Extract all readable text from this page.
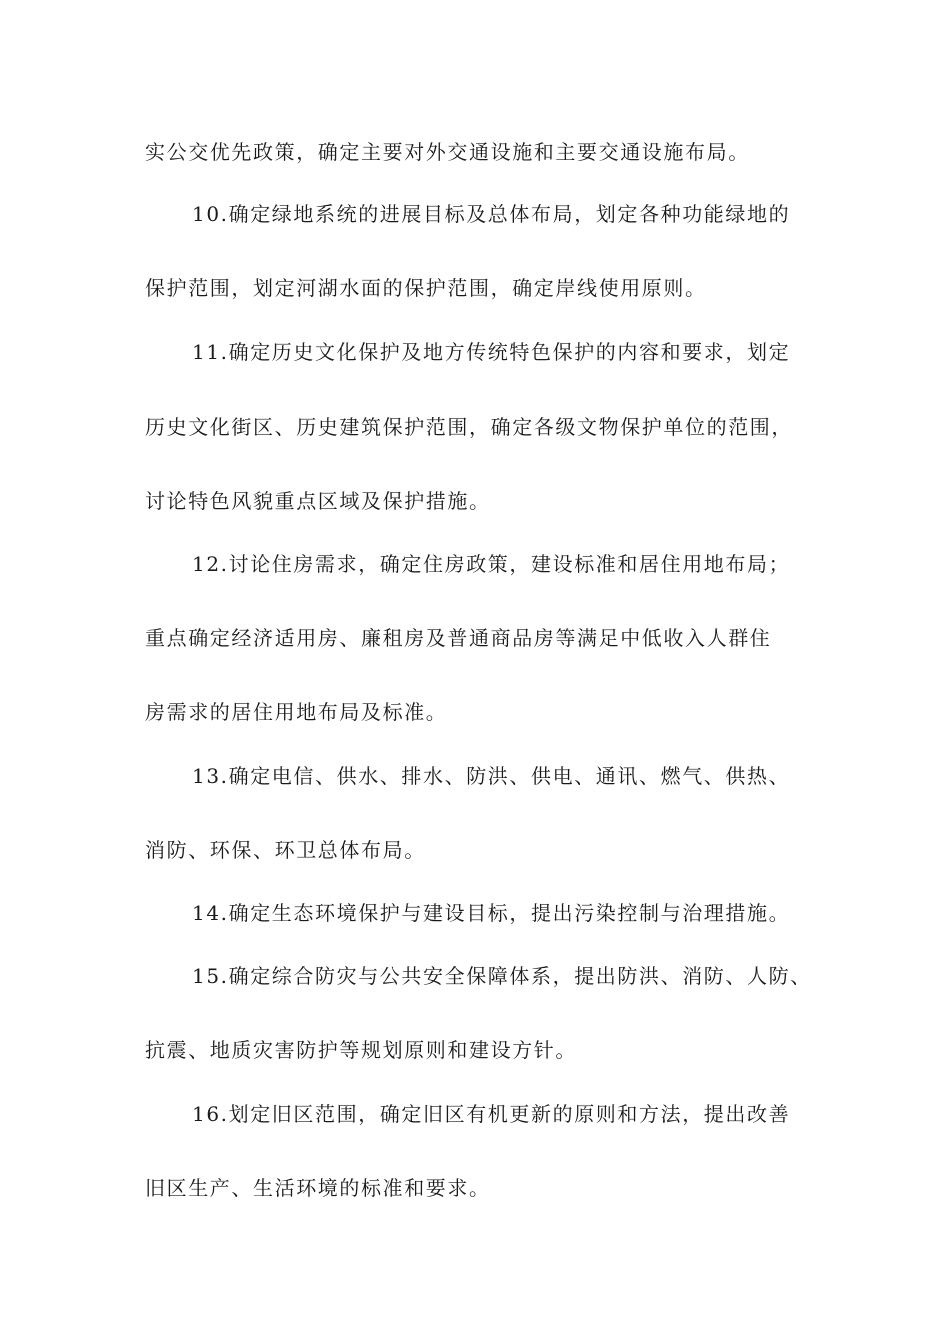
实公交优先政策，确定主要对外交通设施和主要交通设施布局。
10.确定绿地系统的进展目标及总体布局，划定各种功能绿地的
保护范围，划定河湖水面的保护范围，确定岸线使用原则。
11.确定历史文化保护及地方传统特色保护的内容和要求，划定
历史文化街区、历史建筑保护范围，确定各级文物保护单位的范围，
讨论特色风貌重点区域及保护措施。
12.讨论住房需求，确定住房政策，建设标准和居住用地布局；
重点确定经济适用房、廉租房及普通商品房等满足中低收入人群住
房需求的居住用地布局及标准。
13.确定电信、供水、排水、防洪、供电、通讯、燃气、供热、
消防、环保、环卫总体布局。
14.确定生态环境保护与建设目标，提出污染控制与治理措施。
15.确定综合防灾与公共安全保障体系，提出防洪、消防、人防、
抗震、地质灾害防护等规划原则和建设方针。
16.划定旧区范围，确定旧区有机更新的原则和方法，提出改善
旧区生产、生活环境的标准和要求。
